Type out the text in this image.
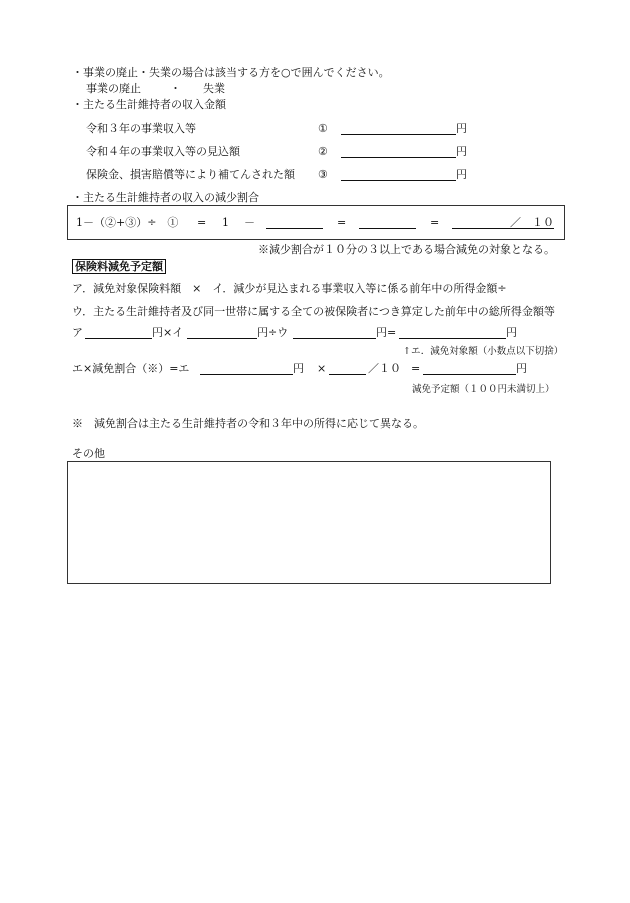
・事業の廃止・失業の場合は該当する方を○で囲んでください。
事業の廃止	・ 失業
・主たる生計維持者の収入金額
令和３年の事業収入等	①	円
令和４年の事業収入等の見込額	②	円
保険金、損害賠償等により補てんされた額 ③	円
・主たる生計維持者の収入の減少割合
1－（②+③）÷　① = 1 －	=	=	／　１０
※減少割合が１０分の３以上である場合減免の対象となる。
保険料減免予定額
ア．減免対象保険料額　×　イ．減少が見込まれる事業収入等に係る前年中の所得金額÷
ウ．主たる生計維持者及び同一世帯に属する全ての被保険者につき算定した前年中の総所得金額等
ア	円×イ	円÷ウ	円=	円
↑エ．減免対象額（小数点以下切捨）
エ×減免割合（※）=エ	円 ×	／１０ =	円
減免予定額（１００円未満切上）
※　減免割合は主たる生計維持者の令和３年中の所得に応じて異なる。
その他
